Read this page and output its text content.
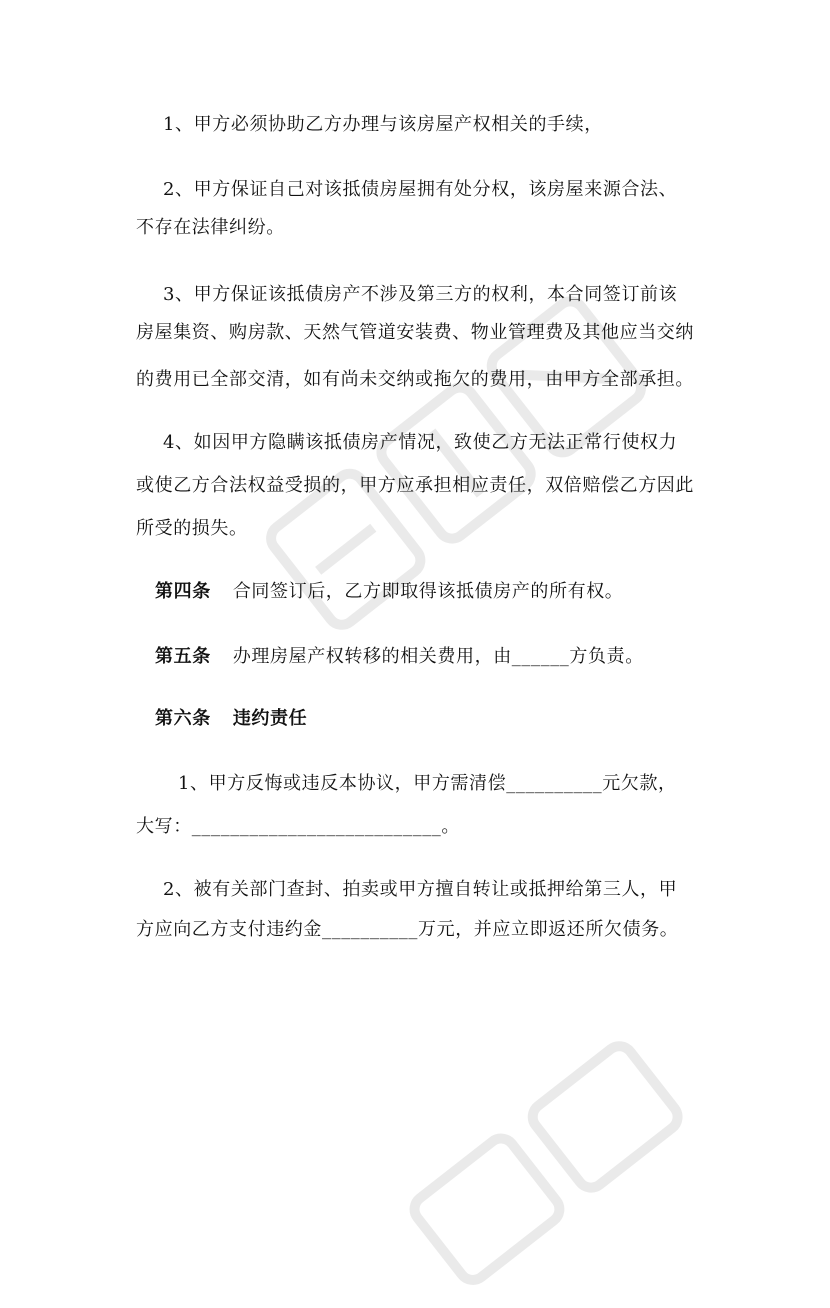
1、甲方必须协助乙方办理与该房屋产权相关的手续，
2、甲方保证自己对该抵债房屋拥有处分权，该房屋来源合法、
不存在法律纠纷。
3、甲方保证该抵债房产不涉及第三方的权利，本合同签订前该
房屋集资、购房款、天然气管道安装费、物业管理费及其他应当交纳
的费用已全部交清，如有尚未交纳或拖欠的费用，由甲方全部承担。
4、如因甲方隐瞒该抵债房产情况，致使乙方无法正常行使权力
或使乙方合法权益受损的，甲方应承担相应责任，双倍赔偿乙方因此
所受的损失。
第四条 合同签订后，乙方即取得该抵债房产的所有权。
第五条 办理房屋产权转移的相关费用，由______方负责。
第六条 违约责任
1、甲方反悔或违反本协议，甲方需清偿__________元欠款，
大写：__________________________。
2、被有关部门查封、拍卖或甲方擅自转让或抵押给第三人，甲
方应向乙方支付违约金__________万元，并应立即返还所欠债务。
